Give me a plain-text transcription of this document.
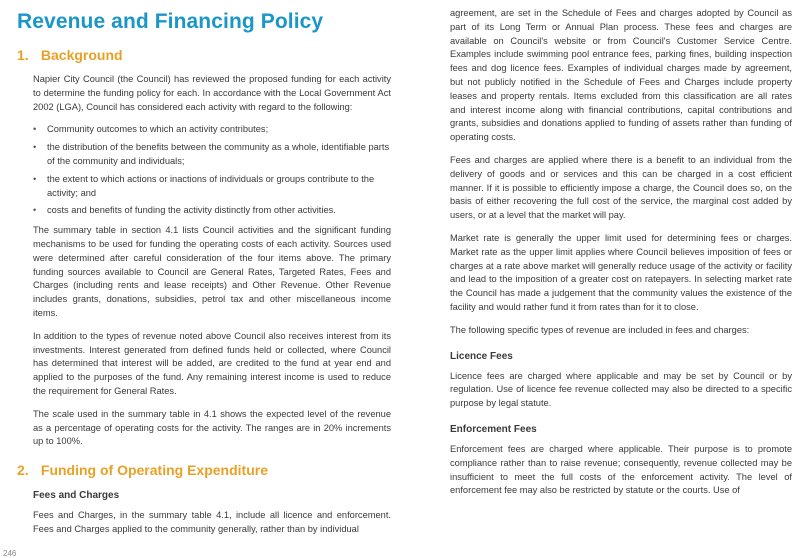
Revenue and Financing Policy
1. Background

Napier City Council (the Council) has reviewed the proposed funding for each activity to determine the funding policy for each. In accordance with the Local Government Act 2002 (LGA), Council has considered each activity with regard to the following:

• Community outcomes to which an activity contributes;
• the distribution of the benefits between the community as a whole, identifiable parts of the community and individuals;
• the extent to which actions or inactions of individuals or groups contribute to the activity; and
• costs and benefits of funding the activity distinctly from other activities.

The summary table in section 4.1 lists Council activities and the significant funding mechanisms to be used for funding the operating costs of each activity. Sources used were determined after careful consideration of the four items above. The primary funding sources available to Council are General Rates, Targeted Rates, Fees and Charges (including rents and lease receipts) and Other Revenue. Other Revenue includes grants, donations, subsidies, petrol tax and other miscellaneous income items.

In addition to the types of revenue noted above Council also receives interest from its investments. Interest generated from defined funds held or collected, where Council has determined that interest will be added, are credited to the fund at year end and applied to the purposes of the fund. Any remaining interest income is used to reduce the requirement for General Rates.

The scale used in the summary table in 4.1 shows the expected level of the revenue as a percentage of operating costs for the activity. The ranges are in 20% increments up to 100%.

2. Funding of Operating Expenditure
Fees and Charges

Fees and Charges, in the summary table 4.1, include all licence and enforcement. Fees and Charges applied to the community generally, rather than by individual

agreement, are set in the Schedule of Fees and charges adopted by Council as part of its Long Term or Annual Plan process. These fees and charges are available on Council's website or from Council's Customer Service Centre. Examples include swimming pool entrance fees, parking fines, building inspection fees and dog licence fees. Examples of individual charges made by agreement, but not publicly notified in the Schedule of Fees and Charges include property leases and property rentals. Items excluded from this classification are all rates and interest income along with financial contributions, capital contributions and grants, subsidies and donations applied to funding of assets rather than funding of operating costs.

Fees and charges are applied where there is a benefit to an individual from the delivery of goods and or services and this can be charged in a cost efficient manner. If it is possible to efficiently impose a charge, the Council does so, on the basis of either recovering the full cost of the service, the marginal cost added by users, or at a level that the market will pay.

Market rate is generally the upper limit used for determining fees or charges. Market rate as the upper limit applies where Council believes imposition of fees or charges at a rate above market will generally reduce usage of the activity or facility and lead to the imposition of a greater cost on ratepayers. In selecting market rate the Council has made a judgement that the community values the existence of the facility and would rather fund it from rates than for it to close.

The following specific types of revenue are included in fees and charges:

Licence Fees

Licence fees are charged where applicable and may be set by Council or by regulation. Use of licence fee revenue collected may also be directed to a specific purpose by legal statute.

Enforcement Fees

Enforcement fees are charged where applicable. Their purpose is to promote compliance rather than to raise revenue; consequently, revenue collected may be insufficient to meet the full costs of the enforcement activity. The level of enforcement fee may also be restricted by statute or the courts. Use of

246
